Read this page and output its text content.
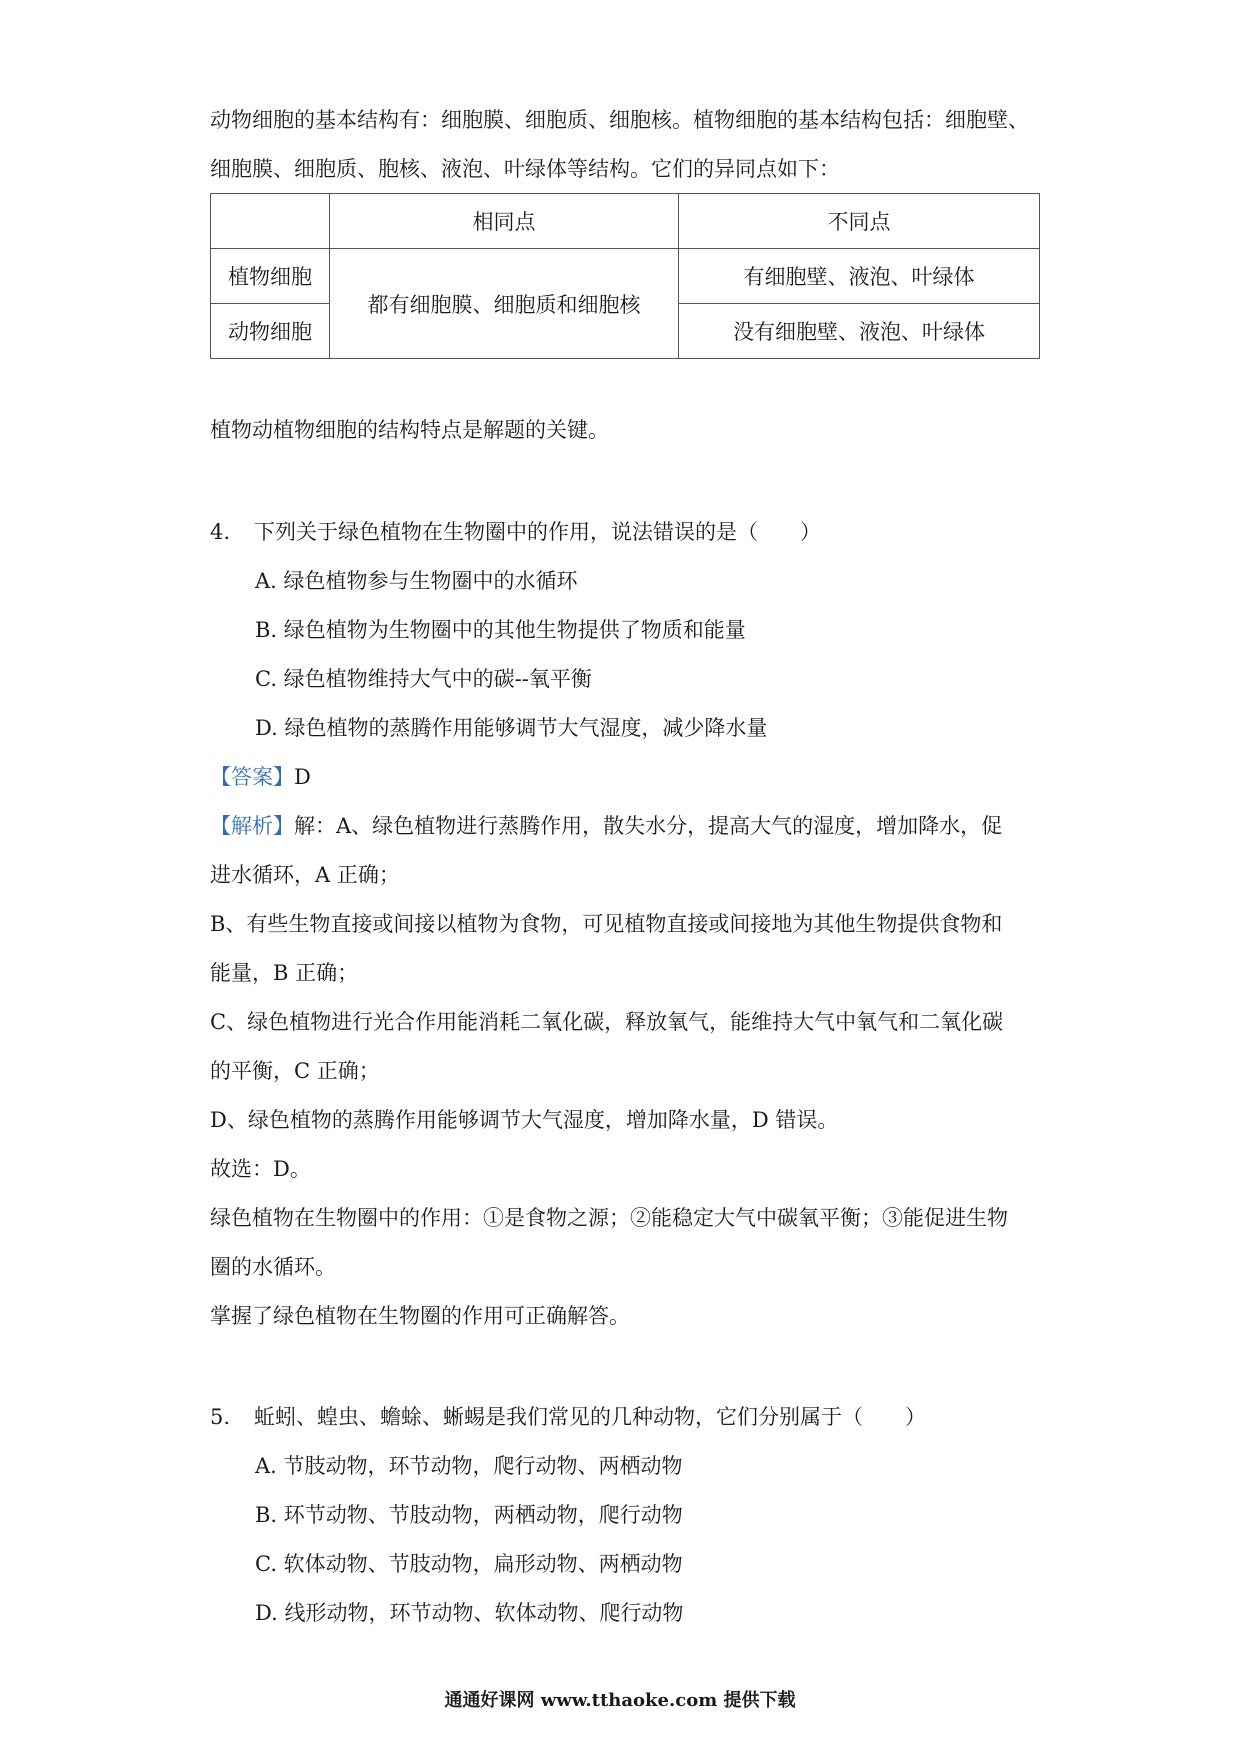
动物细胞的基本结构有：细胞膜、细胞质、细胞核。植物细胞的基本结构包括：细胞壁、

细胞膜、细胞质、胞核、液泡、叶绿体等结构。它们的异同点如下：

	相同点	不同点
植物细胞	都有细胞膜、细胞质和细胞核	有细胞壁、液泡、叶绿体
动物细胞		没有细胞壁、液泡、叶绿体

植物动植物细胞的结构特点是解题的关键。

4. 下列关于绿色植物在生物圈中的作用，说法错误的是（　　）

A. 绿色植物参与生物圈中的水循环

B. 绿色植物为生物圈中的其他生物提供了物质和能量

C. 绿色植物维持大气中的碳--氧平衡

D. 绿色植物的蒸腾作用能够调节大气湿度，减少降水量

【答案】D

【解析】解：A、绿色植物进行蒸腾作用，散失水分，提高大气的湿度，增加降水，促

进水循环，A 正确；

B、有些生物直接或间接以植物为食物，可见植物直接或间接地为其他生物提供食物和

能量，B 正确；

C、绿色植物进行光合作用能消耗二氧化碳，释放氧气，能维持大气中氧气和二氧化碳

的平衡，C 正确；

D、绿色植物的蒸腾作用能够调节大气湿度，增加降水量，D 错误。

故选：D。

绿色植物在生物圈中的作用：①是食物之源；②能稳定大气中碳氧平衡；③能促进生物

圈的水循环。

掌握了绿色植物在生物圈的作用可正确解答。

5. 蚯蚓、蝗虫、蟾蜍、蜥蜴是我们常见的几种动物，它们分别属于（　　）

A. 节肢动物，环节动物，爬行动物、两栖动物

B. 环节动物、节肢动物，两栖动物，爬行动物

C. 软体动物、节肢动物，扁形动物、两栖动物

D. 线形动物，环节动物、软体动物、爬行动物

通通好课网 www.tthaoke.com 提供下载
